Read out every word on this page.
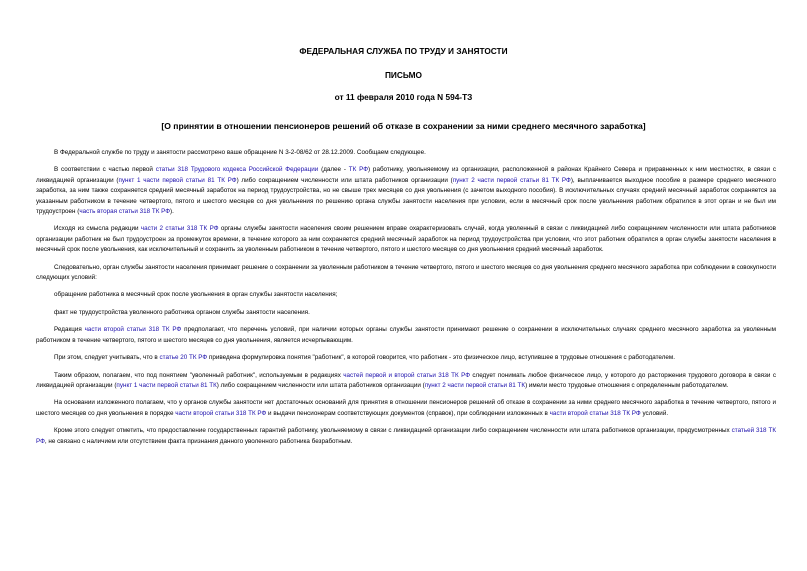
ФЕДЕРАЛЬНАЯ СЛУЖБА ПО ТРУДУ И ЗАНЯТОСТИ
ПИСЬМО
от 11 февраля 2010 года N 594-ТЗ
[О принятии в отношении пенсионеров решений об отказе в сохранении за ними среднего месячного заработка]

В Федеральной службе по труду и занятости рассмотрено ваше обращение N 3-2-08/62 от 28.12.2009. Сообщаем следующее.

В соответствии с частью первой статьи 318 Трудового кодекса Российской Федерации (далее - ТК РФ) работнику, увольняемому из организации, расположенной в районах Крайнего Севера и приравненных к ним местностях, в связи с ликвидацией организации (пункт 1 части первой статьи 81 ТК РФ) либо сокращением численности или штата работников организации (пункт 2 части первой статьи 81 ТК РФ), выплачивается выходное пособие в размере среднего месячного заработка, за ним также сохраняется средний месячный заработок на период трудоустройства, но не свыше трех месяцев со дня увольнения (с зачетом выходного пособия). В исключительных случаях средний месячный заработок сохраняется за указанным работником в течение четвертого, пятого и шестого месяцев со дня увольнения по решению органа службы занятости населения при условии, если в месячный срок после увольнения работник обратился в этот орган и не был им трудоустроен (часть вторая статьи 318 ТК РФ).

Исходя из смысла редакции части 2 статьи 318 ТК РФ органы службы занятости населения своим решением вправе охарактеризовать случай, когда уволенный в связи с ликвидацией либо сокращением численности или штата работников организации работник не был трудоустроен за промежуток времени, в течение которого за ним сохраняется средний месячный заработок на период трудоустройства при условии, что этот работник обратился в орган службы занятости населения в месячный срок после увольнения, как исключительный и сохранить за уволенным работником в течение четвертого, пятого и шестого месяцев со дня увольнения средний месячный заработок.

Следовательно, орган службы занятости населения принимает решение о сохранении за уволенным работником в течение четвертого, пятого и шестого месяцев со дня увольнения среднего месячного заработка при соблюдении в совокупности следующих условий:

обращение работника в месячный срок после увольнения в орган службы занятости населения;

факт не трудоустройства уволенного работника органом службы занятости населения.

Редакция части второй статьи 318 ТК РФ предполагает, что перечень условий, при наличии которых органы службы занятости принимают решение о сохранении в исключительных случаях среднего месячного заработка за уволенным работником в течение четвертого, пятого и шестого месяцев со дня увольнения, является исчерпывающим.

При этом, следует учитывать, что в статье 20 ТК РФ приведена формулировка понятия "работник", в которой говорится, что работник - это физическое лицо, вступившее в трудовые отношения с работодателем.

Таким образом, полагаем, что под понятием "уволенный работник", используемым в редакциях частей первой и второй статьи 318 ТК РФ следует понимать любое физическое лицо, у которого до расторжения трудового договора в связи с ликвидацией организации (пункт 1 части первой статьи 81 ТК) либо сокращением численности или штата работников организации (пункт 2 части первой статьи 81 ТК) имели место трудовые отношения с определенным работодателем.

На основании изложенного полагаем, что у органов службы занятости нет достаточных оснований для принятия в отношении пенсионеров решений об отказе в сохранении за ними среднего месячного заработка в течение четвертого, пятого и шестого месяцев со дня увольнения в порядке части второй статьи 318 ТК РФ и выдачи пенсионерам соответствующих документов (справок), при соблюдении изложенных в части второй статьи 318 ТК РФ условий.

Кроме этого следует отметить, что предоставление государственных гарантий работнику, увольняемому в связи с ликвидацией организации либо сокращением численности или штата работников организации, предусмотренных статьей 318 ТК РФ, не связано с наличием или отсутствием факта признания данного уволенного работника безработным.
